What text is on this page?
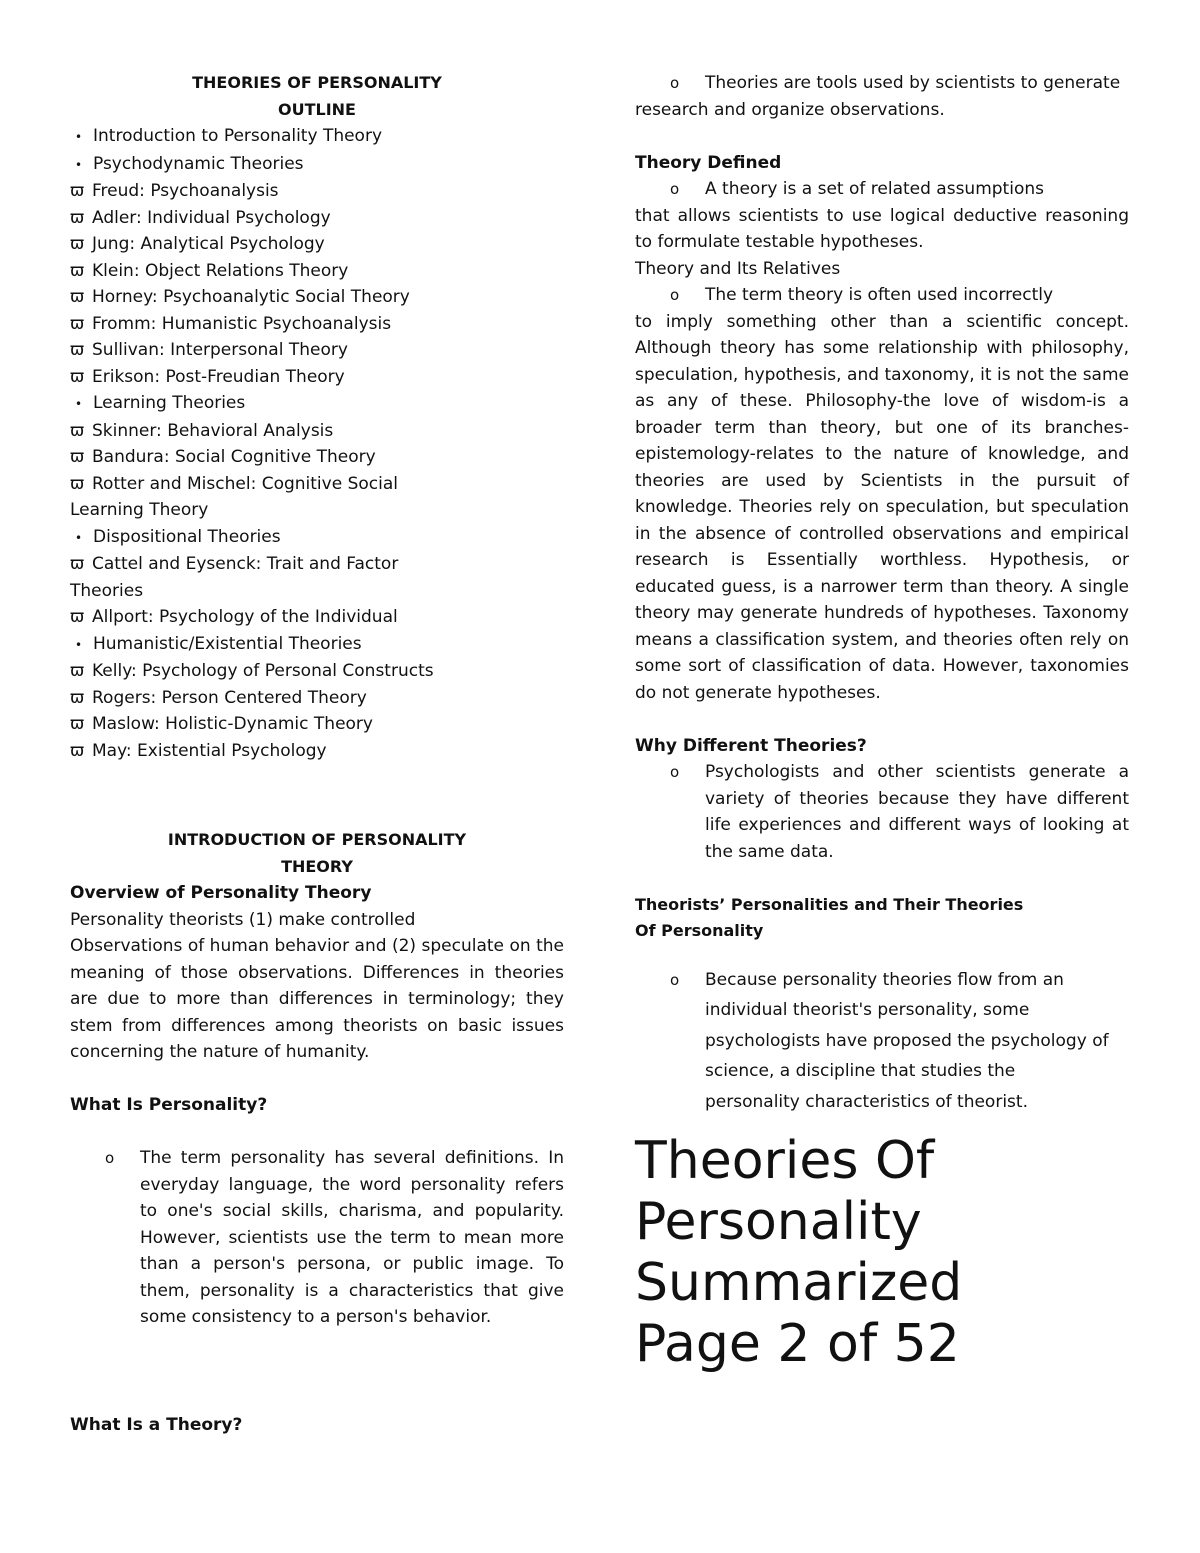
THEORIES OF PERSONALITY
OUTLINE
• Introduction to Personality Theory
• Psychodynamic Theories
ϖ Freud: Psychoanalysis
ϖ Adler: Individual Psychology
ϖ Jung: Analytical Psychology
ϖ Klein: Object Relations Theory
ϖ Horney: Psychoanalytic Social Theory
ϖ Fromm: Humanistic Psychoanalysis
ϖ Sullivan: Interpersonal Theory
ϖ Erikson: Post-Freudian Theory
• Learning Theories
ϖ Skinner: Behavioral Analysis
ϖ Bandura: Social Cognitive Theory
ϖ Rotter and Mischel: Cognitive Social
Learning Theory
• Dispositional Theories
ϖ Cattel and Eysenck: Trait and Factor
Theories
ϖ Allport: Psychology of the Individual
• Humanistic/Existential Theories
ϖ Kelly: Psychology of Personal Constructs
ϖ Rogers: Person Centered Theory
ϖ Maslow: Holistic-Dynamic Theory
ϖ May: Existential Psychology
INTRODUCTION OF PERSONALITY
THEORY
Overview of Personality Theory
Personality theorists (1) make controlled
Observations of human behavior and (2) speculate on the meaning of those observations. Differences in theories are due to more than differences in terminology; they stem from differences among theorists on basic issues concerning the nature of humanity.
What Is Personality?
o The term personality has several definitions. In everyday language, the word personality refers to one's social skills, charisma, and popularity. However, scientists use the term to mean more than a person's persona, or public image. To them, personality is a characteristics that give some consistency to a person's behavior.
What Is a Theory?
o Theories are tools used by scientists to generate
research and organize observations.
Theory Defined
o A theory is a set of related assumptions
that allows scientists to use logical deductive reasoning to formulate testable hypotheses.
Theory and Its Relatives
o The term theory is often used incorrectly
to imply something other than a scientific concept. Although theory has some relationship with philosophy, speculation, hypothesis, and taxonomy, it is not the same as any of these. Philosophy-the love of wisdom-is a broader term than theory, but one of its branches-epistemology-relates to the nature of knowledge, and theories are used by Scientists in the pursuit of knowledge. Theories rely on speculation, but speculation in the absence of controlled observations and empirical research is Essentially worthless. Hypothesis, or educated guess, is a narrower term than theory. A single theory may generate hundreds of hypotheses. Taxonomy means a classification system, and theories often rely on some sort of classification of data. However, taxonomies do not generate hypotheses.
Why Different Theories?
o Psychologists and other scientists generate a variety of theories because they have different life experiences and different ways of looking at the same data.
Theorists’ Personalities and Their Theories
Of Personality
o Because personality theories flow from an individual theorist's personality, some psychologists have proposed the psychology of science, a discipline that studies the personality characteristics of theorist.
Theories Of
Personality
Summarized
Page 2 of 52
